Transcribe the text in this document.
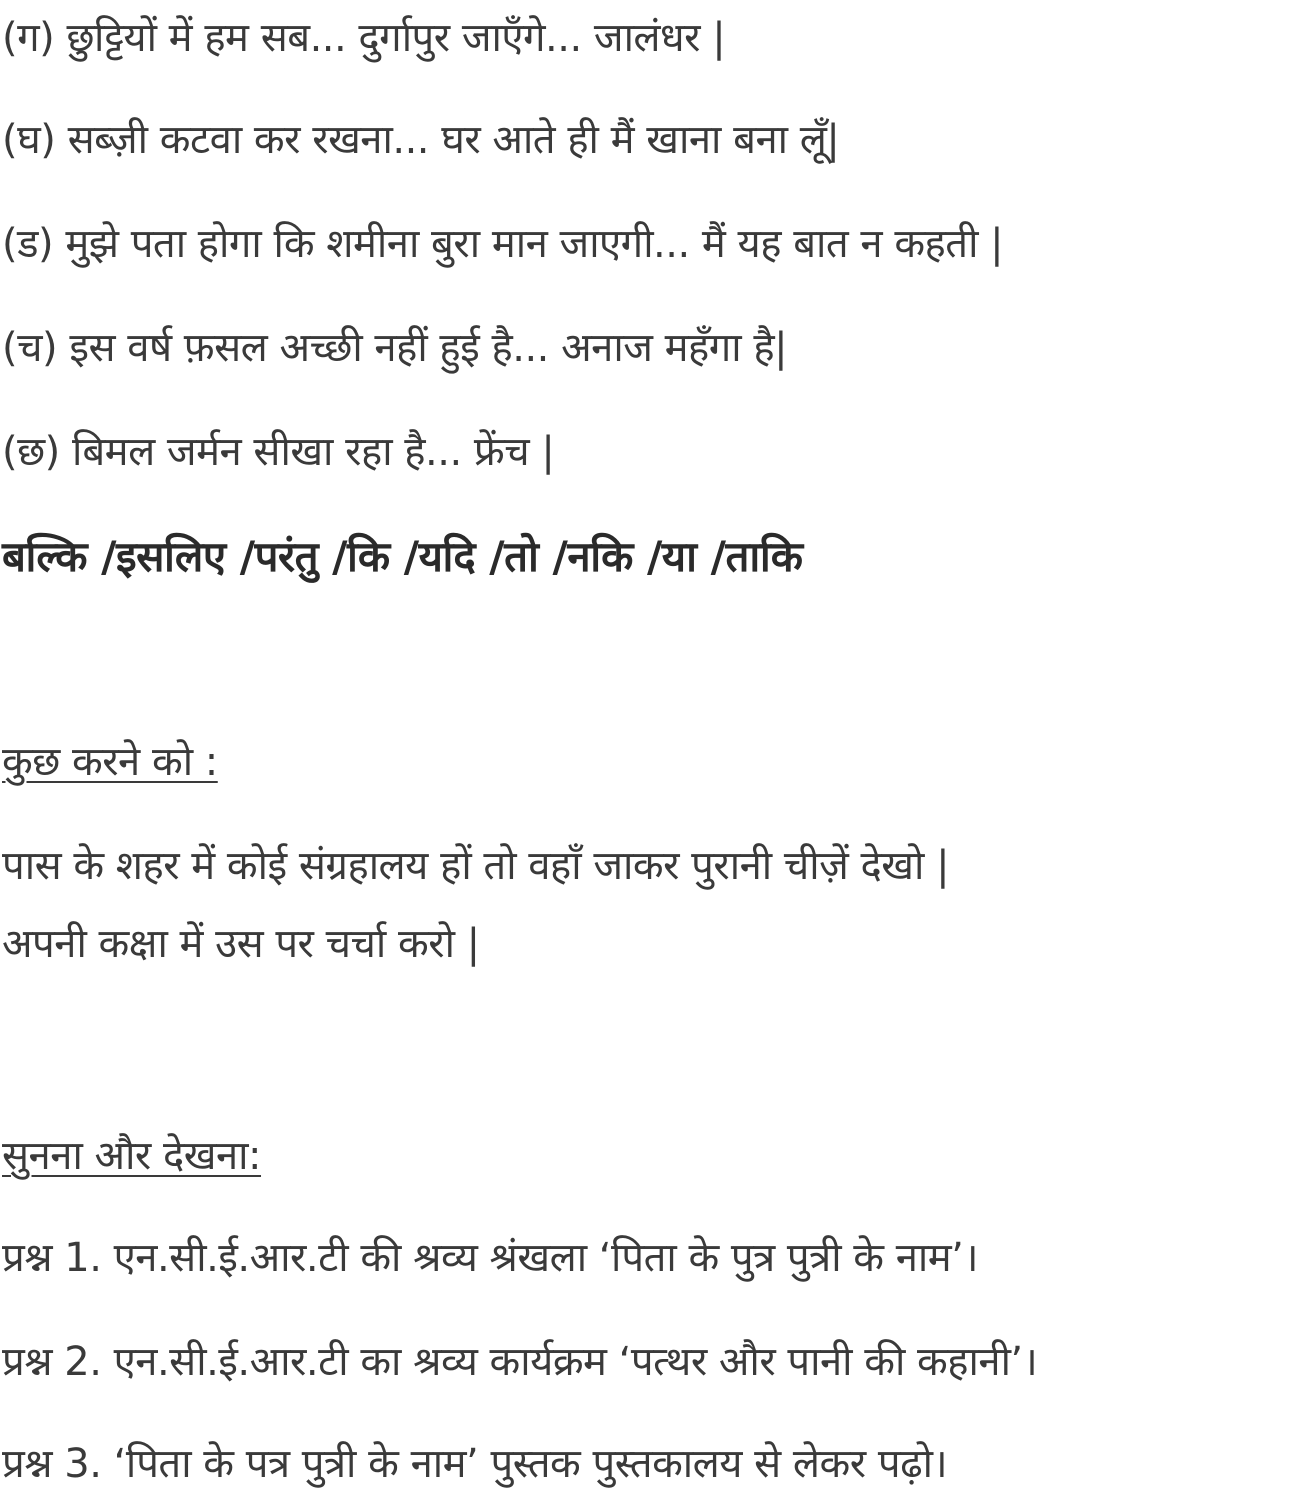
(ग) छुट्टियों में हम सब... दुर्गापुर जाएँगे... जालंधर |
(घ) सब्ज़ी कटवा कर रखना... घर आते ही मैं खाना बना लूँ|
(ड) मुझे पता होगा कि शमीना बुरा मान जाएगी... मैं यह बात न कहती |
(च) इस वर्ष फ़सल अच्छी नहीं हुई है... अनाज महँगा है|
(छ) बिमल जर्मन सीखा रहा है... फ्रेंच |
बल्कि /इसलिए /परंतु /कि /यदि /तो /नकि /या /ताकि
कुछ करने को :
पास के शहर में कोई संग्रहालय हों तो वहाँ जाकर पुरानी चीज़ें देखो |
अपनी कक्षा में उस पर चर्चा करो |
सुनना और देखना:
प्रश्न 1. एन.सी.ई.आर.टी की श्रव्य श्रंखला ‘पिता के पुत्र पुत्री के नाम’।
प्रश्न 2. एन.सी.ई.आर.टी का श्रव्य कार्यक्रम ‘पत्थर और पानी की कहानी’।
प्रश्न 3. ‘पिता के पत्र पुत्री के नाम’ पुस्तक पुस्तकालय से लेकर पढ़ो।
